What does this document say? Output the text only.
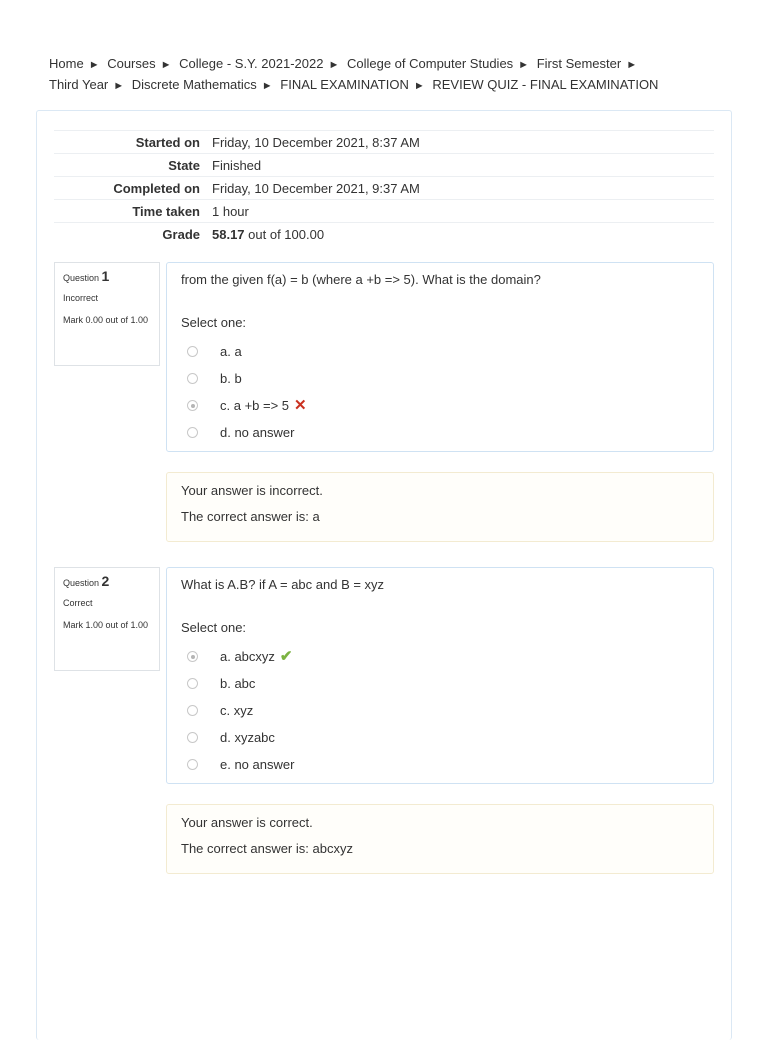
Home ► Courses ► College - S.Y. 2021-2022 ► College of Computer Studies ► First Semester ►
Third Year ► Discrete Mathematics ► FINAL EXAMINATION ► REVIEW QUIZ - FINAL EXAMINATION
Started on	Friday, 10 December 2021, 8:37 AM
State	Finished
Completed on	Friday, 10 December 2021, 9:37 AM
Time taken	1 hour
Grade	58.17 out of 100.00
Question 1
Incorrect
Mark 0.00 out of 1.00
from the given f(a) = b (where a +b => 5). What is the domain?
Select one:
a. a
b. b
c. a +b => 5 ✕
d. no answer
Your answer is incorrect.
The correct answer is: a
Question 2
Correct
Mark 1.00 out of 1.00
What is A.B? if A = abc and B = xyz
Select one:
a. abcxyz ✔
b. abc
c. xyz
d. xyzabc
e. no answer
Your answer is correct.
The correct answer is: abcxyz
